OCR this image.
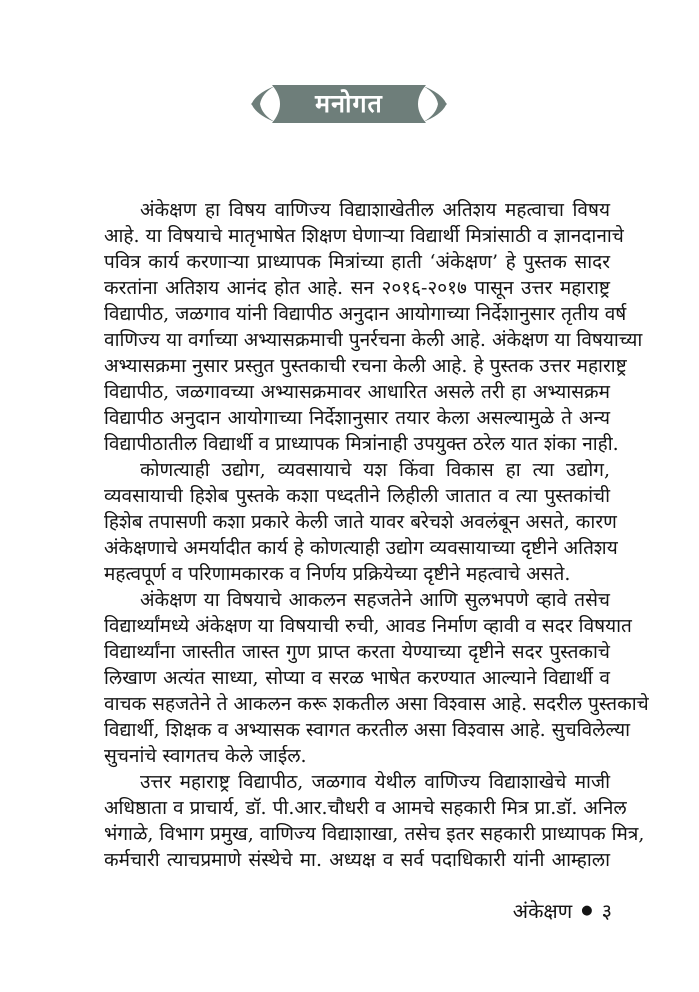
मनोगत
अंकेक्षण हा विषय वाणिज्य विद्याशाखेतील अतिशय महत्वाचा विषय
आहे. या विषयाचे मातृभाषेत शिक्षण घेणाऱ्या विद्यार्थी मित्रांसाठी व ज्ञानदानाचे
पवित्र कार्य करणाऱ्या प्राध्यापक मित्रांच्या हाती ‘अंकेक्षण’ हे पुस्तक सादर
करतांना अतिशय आनंद होत आहे. सन २०१६-२०१७ पासून उत्तर महाराष्ट्र
विद्यापीठ, जळगाव यांनी विद्यापीठ अनुदान आयोगाच्या निर्देशानुसार तृतीय वर्ष
वाणिज्य या वर्गाच्या अभ्यासक्रमाची पुनर्रचना केली आहे. अंकेक्षण या विषयाच्या
अभ्यासक्रमा नुसार प्रस्तुत पुस्तकाची रचना केली आहे. हे पुस्तक उत्तर महाराष्ट्र
विद्यापीठ, जळगावच्या अभ्यासक्रमावर आधारित असले तरी हा अभ्यासक्रम
विद्यापीठ अनुदान आयोगाच्या निर्देशानुसार तयार केला असल्यामुळे ते अन्य
विद्यापीठातील विद्यार्थी व प्राध्यापक मित्रांनाही उपयुक्त ठरेल यात शंका नाही.
कोणत्याही उद्योग, व्यवसायाचे यश किंवा विकास हा त्या उद्योग,
व्यवसायाची हिशेब पुस्तके कशा पध्दतीने लिहीली जातात व त्या पुस्तकांची
हिशेब तपासणी कशा प्रकारे केली जाते यावर बरेचशे अवलंबून असते, कारण
अंकेक्षणाचे अमर्यादीत कार्य हे कोणत्याही उद्योग व्यवसायाच्या दृष्टीने अतिशय
महत्वपूर्ण व परिणामकारक व निर्णय प्रक्रियेच्या दृष्टीने महत्वाचे असते.
अंकेक्षण या विषयाचे आकलन सहजतेने आणि सुलभपणे व्हावे तसेच
विद्यार्थ्यांमध्ये अंकेक्षण या विषयाची रुची, आवड निर्माण व्हावी व सदर विषयात
विद्यार्थ्यांना जास्तीत जास्त गुण प्राप्त करता येण्याच्या दृष्टीने सदर पुस्तकाचे
लिखाण अत्यंत साध्या, सोप्या व सरळ भाषेत करण्यात आल्याने विद्यार्थी व
वाचक सहजतेने ते आकलन करू शकतील असा विश्वास आहे. सदरील पुस्तकाचे
विद्यार्थी, शिक्षक व अभ्यासक स्वागत करतील असा विश्वास आहे. सुचविलेल्या
सुचनांचे स्वागतच केले जाईल.
उत्तर महाराष्ट्र विद्यापीठ, जळगाव येथील वाणिज्य विद्याशाखेचे माजी
अधिष्ठाता व प्राचार्य, डॉ. पी.आर.चौधरी व आमचे सहकारी मित्र प्रा.डॉ. अनिल
भंगाळे, विभाग प्रमुख, वाणिज्य विद्याशाखा, तसेच इतर सहकारी प्राध्यापक मित्र,
कर्मचारी त्याचप्रमाणे संस्थेचे मा. अध्यक्ष व सर्व पदाधिकारी यांनी आम्हाला
अंकेक्षण ● ३
